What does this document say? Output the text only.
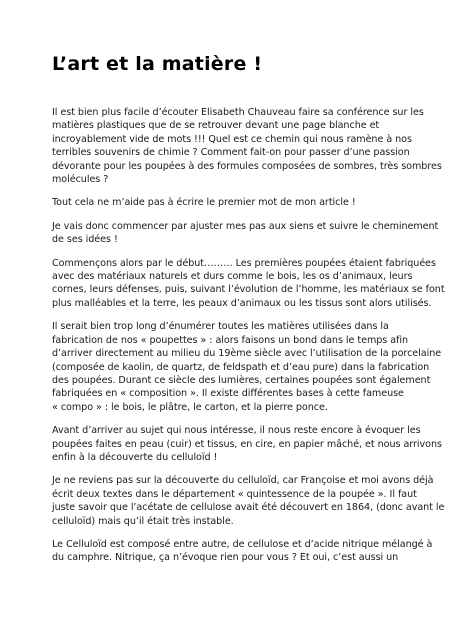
L’art et la matière !
Il est bien plus facile d’écouter Elisabeth Chauveau faire sa conférence sur les
matières plastiques que de se retrouver devant une page blanche et
incroyablement vide de mots !!! Quel est ce chemin qui nous ramène à nos
terribles souvenirs de chimie ? Comment fait-on pour passer d’une passion
dévorante pour les poupées à des formules composées de sombres, très sombres
molécules ?
Tout cela ne m’aide pas à écrire le premier mot de mon article !
Je vais donc commencer par ajuster mes pas aux siens et suivre le cheminement
de ses idées !
Commençons alors par le début……… Les premières poupées étaient fabriquées
avec des matériaux naturels et durs comme le bois, les os d’animaux, leurs
cornes, leurs défenses, puis, suivant l’évolution de l’homme, les matériaux se font
plus malléables et la terre, les peaux d’animaux ou les tissus sont alors utilisés.
Il serait bien trop long d’énumérer toutes les matières utilisées dans la
fabrication de nos « poupettes » : alors faisons un bond dans le temps afin
d’arriver directement au milieu du 19ème siècle avec l’utilisation de la porcelaine
(composée de kaolin, de quartz, de feldspath et d’eau pure) dans la fabrication
des poupées. Durant ce siècle des lumières, certaines poupées sont également
fabriquées en « composition ». Il existe différentes bases à cette fameuse
« compo » : le bois, le plâtre, le carton, et la pierre ponce.
Avant d’arriver au sujet qui nous intéresse, il nous reste encore à évoquer les
poupées faites en peau (cuir) et tissus, en cire, en papier mâché, et nous arrivons
enfin à la découverte du celluloïd !
Je ne reviens pas sur la découverte du celluloïd, car Françoise et moi avons déjà
écrit deux textes dans le département « quintessence de la poupée ». Il faut
juste savoir que l’acétate de cellulose avait été découvert en 1864, (donc avant le
celluloïd) mais qu’il était très instable.
Le Celluloïd est composé entre autre, de cellulose et d’acide nitrique mélangé à
du camphre. Nitrique, ça n’évoque rien pour vous ? Et oui, c’est aussi un
